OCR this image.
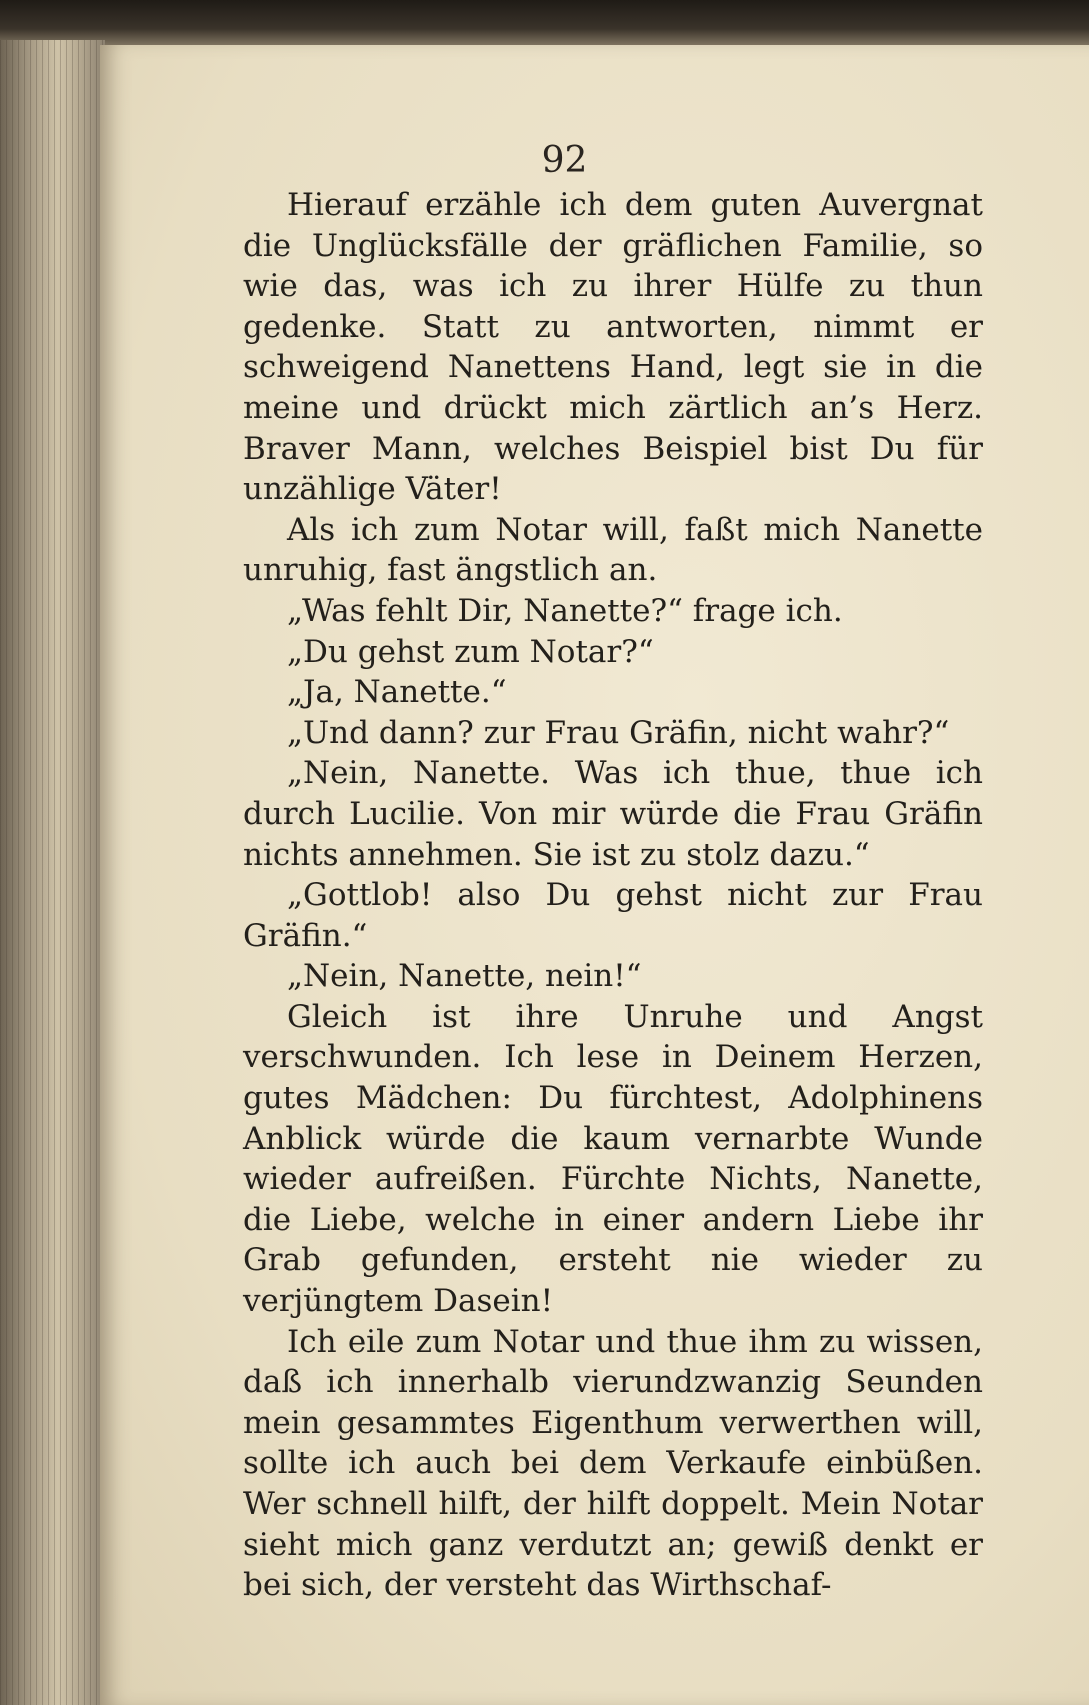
92

Hierauf erzähle ich dem guten Auvergnat die Unglücksfälle der gräflichen Familie, so wie das, was ich zu ihrer Hülfe zu thun gedenke. Statt zu antworten, nimmt er schweigend Nanettens Hand, legt sie in die meine und drückt mich zärtlich an’s Herz. Braver Mann, welches Beispiel bist Du für unzählige Väter!

Als ich zum Notar will, faßt mich Nanette unruhig, fast ängstlich an.

„Was fehlt Dir, Nanette?“ frage ich.

„Du gehst zum Notar?“

„Ja, Nanette.“

„Und dann? zur Frau Gräfin, nicht wahr?“

„Nein, Nanette. Was ich thue, thue ich durch Lucilie. Von mir würde die Frau Gräfin nichts annehmen. Sie ist zu stolz dazu.“

„Gottlob! also Du gehst nicht zur Frau Gräfin.“

„Nein, Nanette, nein!“

Gleich ist ihre Unruhe und Angst verschwunden. Ich lese in Deinem Herzen, gutes Mädchen: Du fürchtest, Adolphinens Anblick würde die kaum vernarbte Wunde wieder aufreißen. Fürchte Nichts, Nanette, die Liebe, welche in einer andern Liebe ihr Grab gefunden, ersteht nie wieder zu verjüngtem Dasein!

Ich eile zum Notar und thue ihm zu wissen, daß ich innerhalb vierundzwanzig Seunden mein gesammtes Eigenthum verwerthen will, sollte ich auch bei dem Verkaufe einbüßen. Wer schnell hilft, der hilft doppelt. Mein Notar sieht mich ganz verdutzt an; gewiß denkt er bei sich, der versteht das Wirthschaf-
